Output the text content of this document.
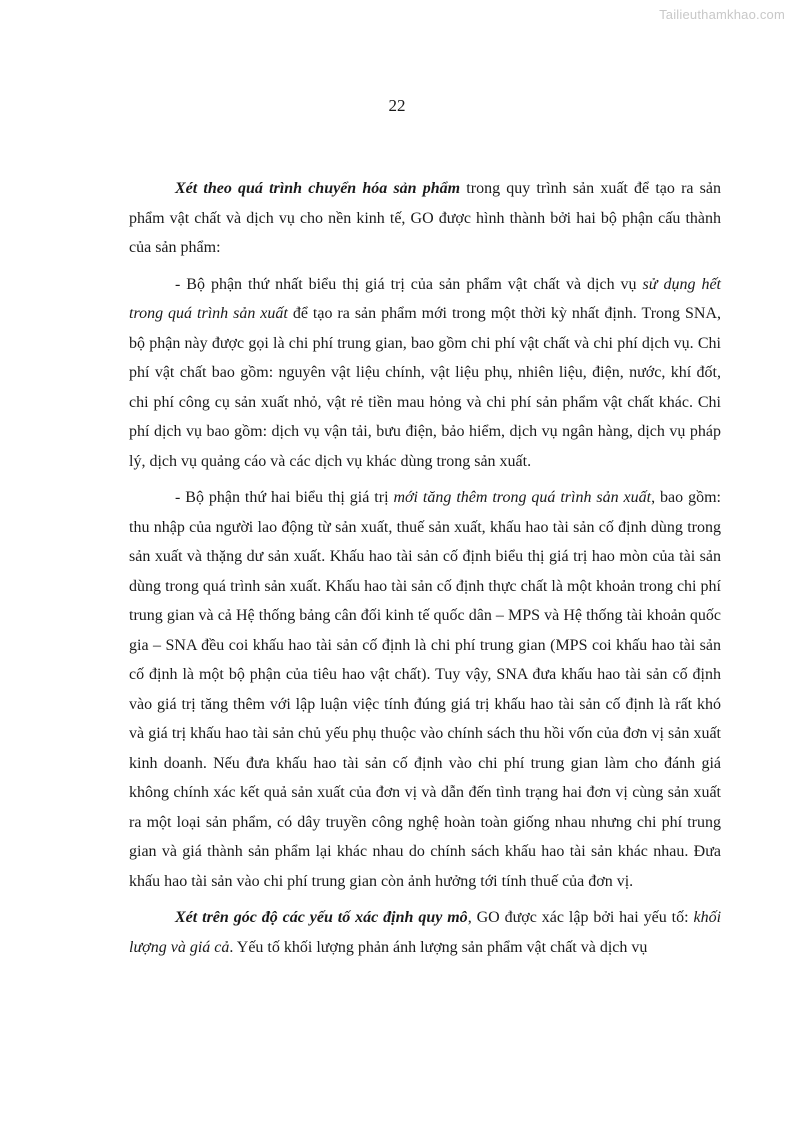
Tailieuthamkhao.com
22

Xét theo quá trình chuyển hóa sản phẩm trong quy trình sản xuất để tạo ra sản phẩm vật chất và dịch vụ cho nền kinh tế, GO được hình thành bởi hai bộ phận cấu thành của sản phẩm:

- Bộ phận thứ nhất biểu thị giá trị của sản phẩm vật chất và dịch vụ sử dụng hết trong quá trình sản xuất để tạo ra sản phẩm mới trong một thời kỳ nhất định. Trong SNA, bộ phận này được gọi là chi phí trung gian, bao gồm chi phí vật chất và chi phí dịch vụ. Chi phí vật chất bao gồm: nguyên vật liệu chính, vật liệu phụ, nhiên liệu, điện, nước, khí đốt, chi phí công cụ sản xuất nhỏ, vật rẻ tiền mau hỏng và chi phí sản phẩm vật chất khác. Chi phí dịch vụ bao gồm: dịch vụ vận tải, bưu điện, bảo hiểm, dịch vụ ngân hàng, dịch vụ pháp lý, dịch vụ quảng cáo và các dịch vụ khác dùng trong sản xuất.

- Bộ phận thứ hai biểu thị giá trị mới tăng thêm trong quá trình sản xuất, bao gồm: thu nhập của người lao động từ sản xuất, thuế sản xuất, khấu hao tài sản cố định dùng trong sản xuất và thặng dư sản xuất. Khấu hao tài sản cố định biểu thị giá trị hao mòn của tài sản dùng trong quá trình sản xuất. Khấu hao tài sản cố định thực chất là một khoản trong chi phí trung gian và cả Hệ thống bảng cân đối kinh tế quốc dân – MPS và Hệ thống tài khoản quốc gia – SNA đều coi khấu hao tài sản cố định là chi phí trung gian (MPS coi khấu hao tài sản cố định là một bộ phận của tiêu hao vật chất). Tuy vậy, SNA đưa khấu hao tài sản cố định vào giá trị tăng thêm với lập luận việc tính đúng giá trị khấu hao tài sản cố định là rất khó và giá trị khấu hao tài sản chủ yếu phụ thuộc vào chính sách thu hồi vốn của đơn vị sản xuất kinh doanh. Nếu đưa khấu hao tài sản cố định vào chi phí trung gian làm cho đánh giá không chính xác kết quả sản xuất của đơn vị và dẫn đến tình trạng hai đơn vị cùng sản xuất ra một loại sản phẩm, có dây truyền công nghệ hoàn toàn giống nhau nhưng chi phí trung gian và giá thành sản phẩm lại khác nhau do chính sách khấu hao tài sản khác nhau. Đưa khấu hao tài sản vào chi phí trung gian còn ảnh hưởng tới tính thuế của đơn vị.

Xét trên góc độ các yếu tố xác định quy mô, GO được xác lập bởi hai yếu tố: khối lượng và giá cả. Yếu tố khối lượng phản ánh lượng sản phẩm vật chất và dịch vụ
